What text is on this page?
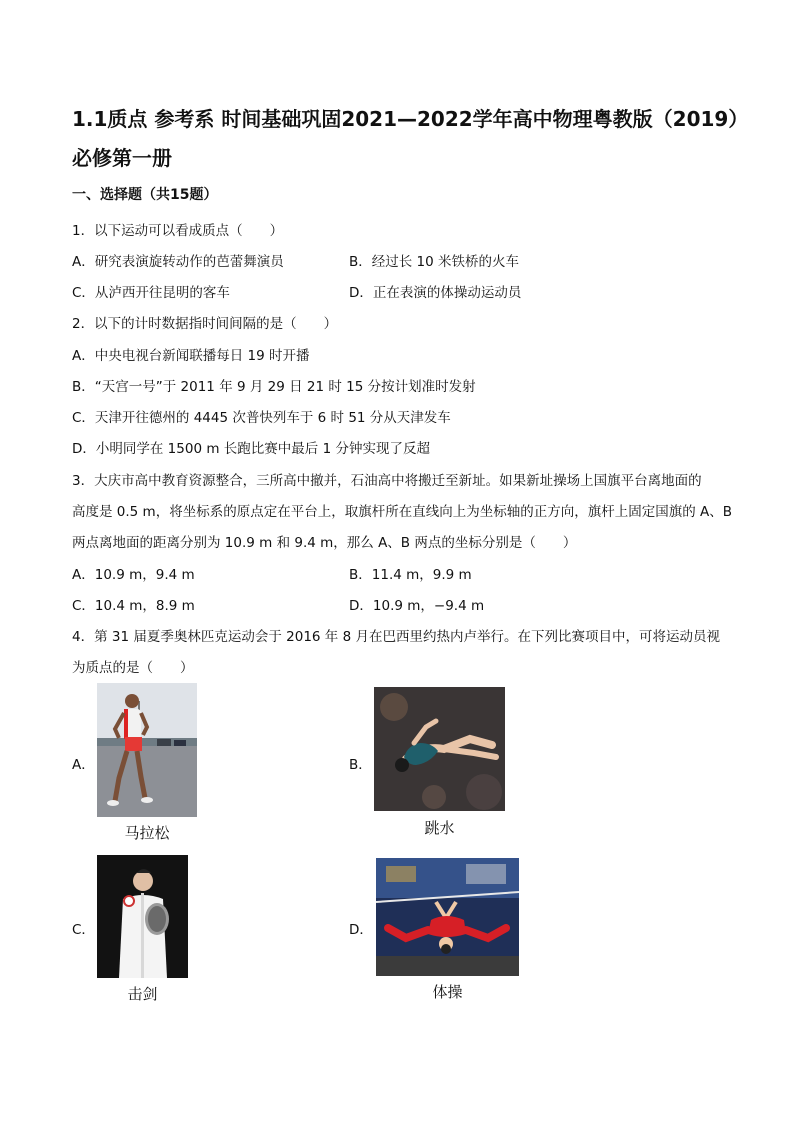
1.1质点 参考系 时间基础巩固2021—2022学年高中物理粤教版（2019）必修第一册
一、选择题（共15题）
1．以下运动可以看成质点（　　）
A．研究表演旋转动作的芭蕾舞演员	B．经过长 10 米铁桥的火车
C．从泸西开往昆明的客车	D．正在表演的体操动运动员
2．以下的计时数据指时间间隔的是（　　）
A．中央电视台新闻联播每日 19 时开播
B．“天宫一号”于 2011 年 9 月 29 日 21 时 15 分按计划准时发射
C．天津开往德州的 4445 次普快列车于 6 时 51 分从天津发车
D．小明同学在 1500 m 长跑比赛中最后 1 分钟实现了反超
3．大庆市高中教育资源整合，三所高中撤并，石油高中将搬迁至新址。如果新址操场上国旗平台离地面的
高度是 0.5 m，将坐标系的原点定在平台上，取旗杆所在直线向上为坐标轴的正方向，旗杆上固定国旗的 A、B
两点离地面的距离分别为 10.9 m 和 9.4 m，那么 A、B 两点的坐标分别是（　　）
A．10.9 m，9.4 m	B．11.4 m，9.9 m
C．10.4 m，8.9 m	D．10.9 m，−9.4 m
4．第 31 届夏季奥林匹克运动会于 2016 年 8 月在巴西里约热内卢举行。在下列比赛项目中，可将运动员视
为质点的是（　　）
A．
马拉松
B．
跳水
C．
击剑
D．
体操
